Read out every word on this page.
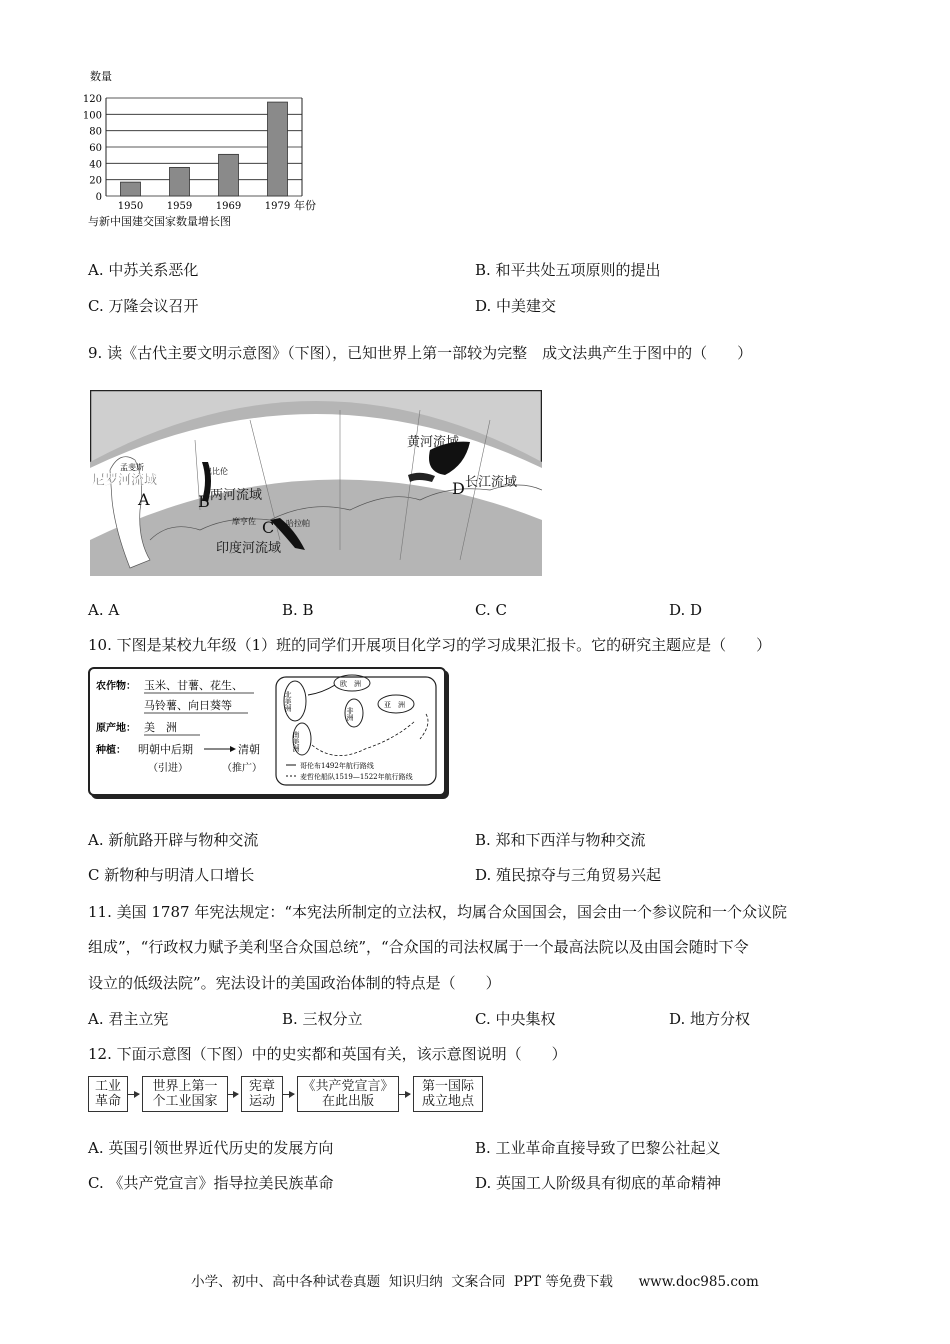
数量
0
20
40
60
80
100
120
1950 1959 1969 1979 年份
与新中国建交国家数量增长图
A. 中苏关系恶化	B. 和平共处五项原则的提出
C. 万隆会议召开	D. 中美建交
9. 读《古代主要文明示意图》（下图），已知世界上第一部较为完整　成文法典产生于图中的（　　）
尼罗河流域
A	B 两河流域
C
印度河流域
黄河流域
D 长江流域
孟斐斯	巴比伦
摩亨佐	哈拉帕
A. A	B. B	C. C	D. D
10. 下图是某校九年级（1）班的同学们开展项目化学习的学习成果汇报卡。它的研究主题应是（　　）
农作物： 玉米、甘薯、花生、
马铃薯、向日葵等
原产地： 美　洲
种植： 明朝中后期	清朝
（引进）	（推广）
北美洲
南美洲
欧　洲
非洲
亚　洲
哥伦布1492年航行路线
麦哲伦船队1519—1522年航行路线
A. 新航路开辟与物种交流	B. 郑和下西洋与物种交流
C 新物种与明清人口增长	D. 殖民掠夺与三角贸易兴起
11. 美国 1787 年宪法规定：“本宪法所制定的立法权，均属合众国国会，国会由一个参议院和一个众议院
组成”，“行政权力赋予美利坚合众国总统”，“合众国的司法权属于一个最高法院以及由国会随时下令
设立的低级法院”。宪法设计的美国政治体制的特点是（　　）
A. 君主立宪	B. 三权分立	C. 中央集权	D. 地方分权
12. 下面示意图（下图）中的史实都和英国有关，该示意图说明（　　）
工业
革命
世界上第一
个工业国家
宪章
运动
《共产党宣言》
在此出版
第一国际
成立地点
A. 英国引领世界近代历史的发展方向	B. 工业革命直接导致了巴黎公社起义
C. 《共产党宣言》指导拉美民族革命	D. 英国工人阶级具有彻底的革命精神
小学、初中、高中各种试卷真题  知识归纳  文案合同  PPT 等免费下载      www.doc985.com
